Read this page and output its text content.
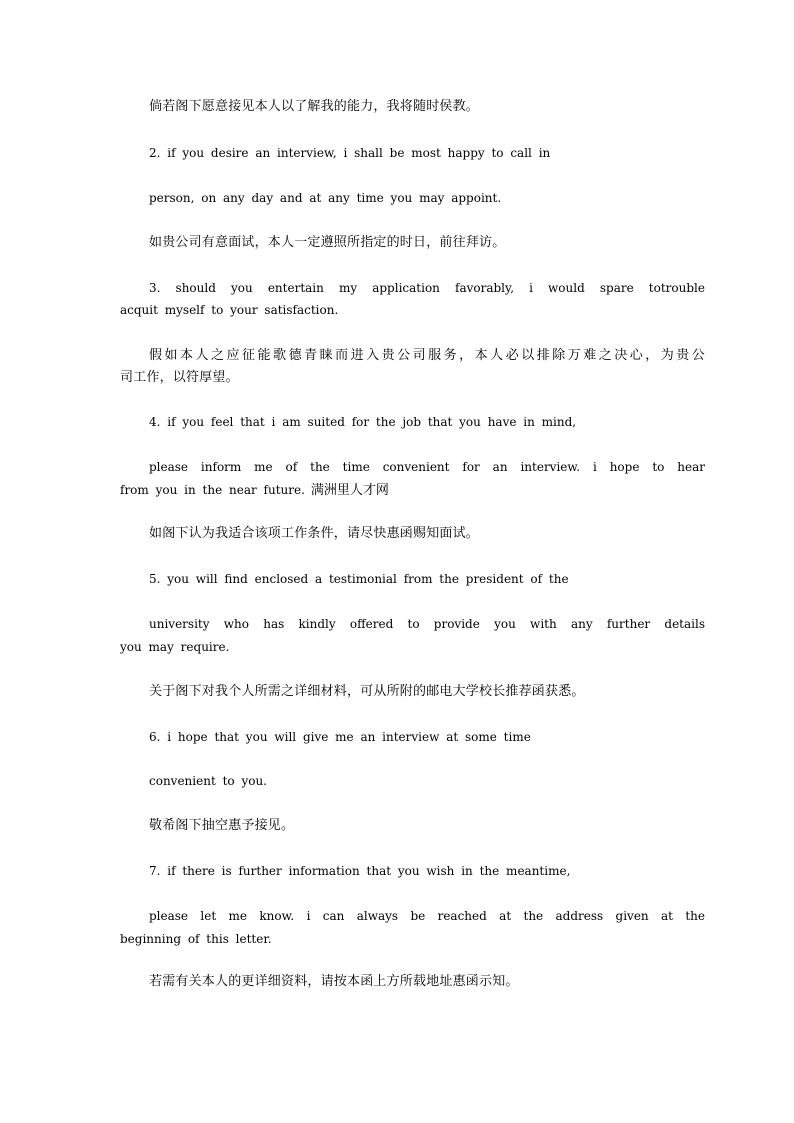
倘若阁下愿意接见本人以了解我的能力，我将随时侯教。

2. if you desire an interview, i shall be most happy to call in

person, on any day and at any time you may appoint.

如贵公司有意面试，本人一定遵照所指定的时日，前往拜访。

3. should you entertain my application favorably, i would spare totrouble

acquit myself to your satisfaction.

假如本人之应征能歌德青睐而进入贵公司服务，本人必以排除万难之决心，为贵公

司工作，以符厚望。

4. if you feel that i am suited for the job that you have in mind,

please inform me of the time convenient for an interview. i hope to hear

from you in the near future. 满洲里人才网

如阁下认为我适合该项工作条件，请尽快惠函赐知面试。

5. you will find enclosed a testimonial from the president of the

university who has kindly offered to provide you with any further details

you may require.

关于阁下对我个人所需之详细材料，可从所附的邮电大学校长推荐函获悉。

6. i hope that you will give me an interview at some time

convenient to you.

敬希阁下抽空惠予接见。

7. if there is further information that you wish in the meantime,

please let me know. i can always be reached at the address given at the

beginning of this letter.

若需有关本人的更详细资料，请按本函上方所载地址惠函示知。
